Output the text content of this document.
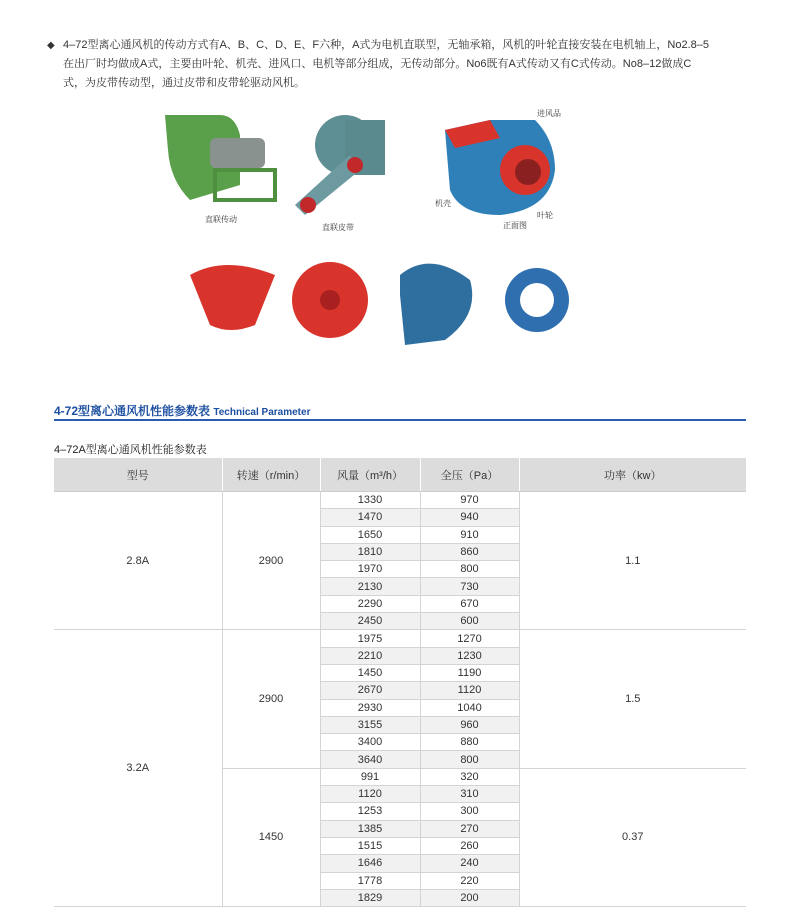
◆ 4–72型离心通风机的传动方式有A、B、C、D、E、F六种，A式为电机直联型，无轴承箱，风机的叶轮直接安装在电机轴上，No2.8–5在出厂时均做成A式，主要由叶轮、机壳、进风口、电机等部分组成，无传动部分。No6既有A式传动又有C式传动。No8–12做成C式，为皮带传动型，通过皮带和皮带轮驱动风机。

直联传动
直联皮带
进风品
机壳
叶轮
正面图
4-72型离心通风机性能参数表 Technical Parameter
4–72A型离心通风机性能参数表
型号	转速（r/min）	风量（m³/h）	全压（Pa）	功率（kw）
2.8A	2900	1330	970	1.1
		1470	940	
		1650	910	
		1810	860	
		1970	800	
		2130	730	
		2290	670	
		2450	600	
3.2A	2900	1975	1270	1.5
		2210	1230	
		1450	1190	
		2670	1120	
		2930	1040	
		3155	960	
		3400	880	
		3640	800	
	1450	991	320	0.37
		1120	310	
		1253	300	
		1385	270	
		1515	260	
		1646	240	
		1778	220	
		1829	200	
